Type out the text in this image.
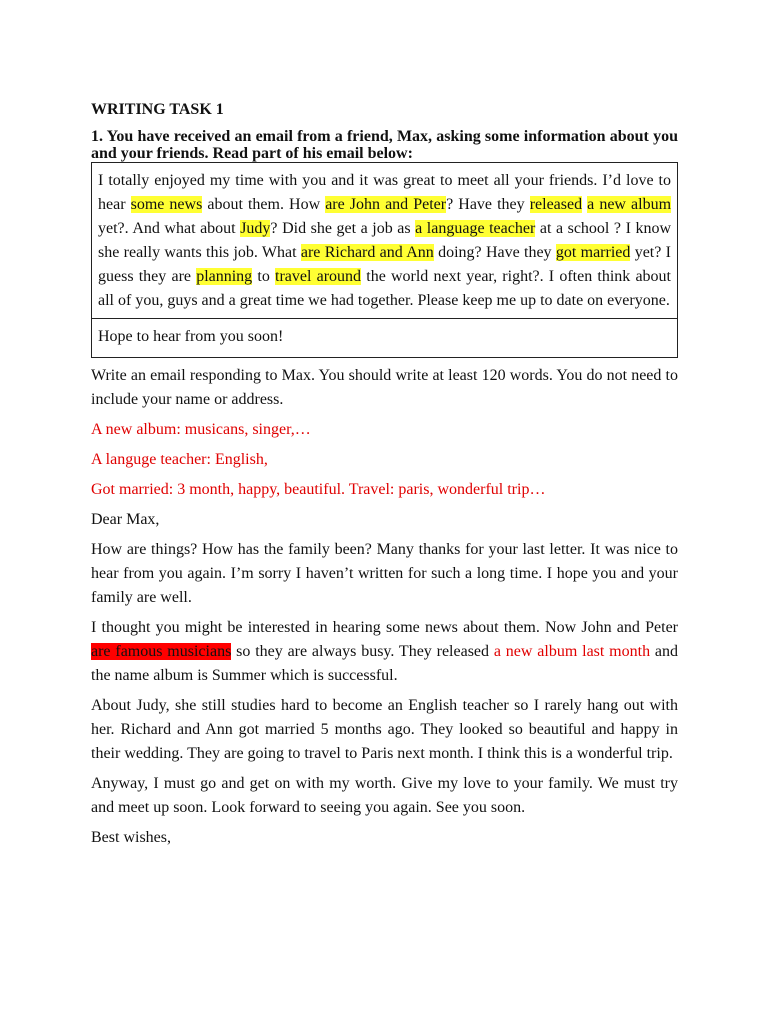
WRITING TASK 1
1. You have received an email from a friend, Max, asking some information about you and your friends. Read part of his email below:
I totally enjoyed my time with you and it was great to meet all your friends. I’d love to hear some news about them. How are John and Peter? Have they released a new album yet?. And what about Judy? Did she get a job as a language teacher at a school ? I know she really wants this job. What are Richard and Ann doing? Have they got married yet? I guess they are planning to travel around the world next year, right?. I often think about all of you, guys and a great time we had together. Please keep me up to date on everyone.
Hope to hear from you soon!

Write an email responding to Max. You should write at least 120 words. You do not need to include your name or address.

A new album: musicans, singer,…

A languge teacher: English,

Got married: 3 month, happy, beautiful. Travel: paris, wonderful trip…

Dear Max,

How are things? How has the family been? Many thanks for your last letter. It was nice to hear from you again. I’m sorry I haven’t written for such a long time. I hope you and your family are well.

I thought you might be interested in hearing some news about them. Now John and Peter are famous musicians so they are always busy. They released a new album last month and the name album is Summer which is successful.

About Judy, she still studies hard to become an English teacher so I rarely hang out with her. Richard and Ann got married 5 months ago. They looked so beautiful and happy in their wedding. They are going to travel to Paris next month. I think this is a wonderful trip.

Anyway, I must go and get on with my worth. Give my love to your family. We must try and meet up soon. Look forward to seeing you again. See you soon.

Best wishes,
